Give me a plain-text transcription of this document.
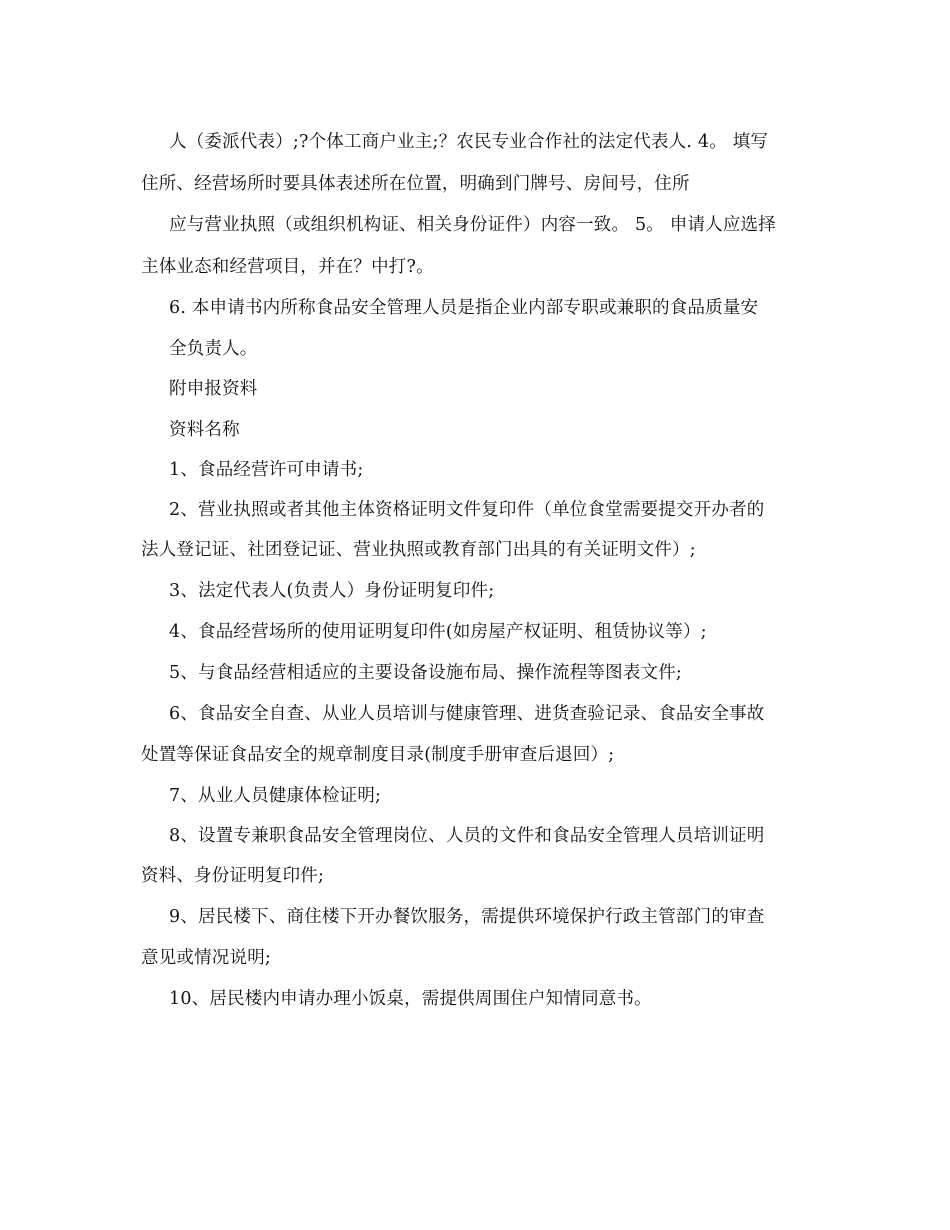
人（委派代表）;?个体工商户业主;？农民专业合作社的法定代表人. 4。 填写
住所、经营场所时要具体表述所在位置，明确到门牌号、房间号，住所
应与营业执照（或组织机构证、相关身份证件）内容一致。 5。 申请人应选择
主体业态和经营项目，并在？中打?。
6. 本申请书内所称食品安全管理人员是指企业内部专职或兼职的食品质量安
全负责人。
附申报资料
资料名称
1、食品经营许可申请书;
2、营业执照或者其他主体资格证明文件复印件（单位食堂需要提交开办者的
法人登记证、社团登记证、营业执照或教育部门出具的有关证明文件）;
3、法定代表人(负责人）身份证明复印件;
4、食品经营场所的使用证明复印件(如房屋产权证明、租赁协议等）;
5、与食品经营相适应的主要设备设施布局、操作流程等图表文件;
6、食品安全自查、从业人员培训与健康管理、进货查验记录、食品安全事故
处置等保证食品安全的规章制度目录(制度手册审查后退回）;
7、从业人员健康体检证明;
8、设置专兼职食品安全管理岗位、人员的文件和食品安全管理人员培训证明
资料、身份证明复印件;
9、居民楼下、商住楼下开办餐饮服务，需提供环境保护行政主管部门的审查
意见或情况说明;
10、居民楼内申请办理小饭桌，需提供周围住户知情同意书。
